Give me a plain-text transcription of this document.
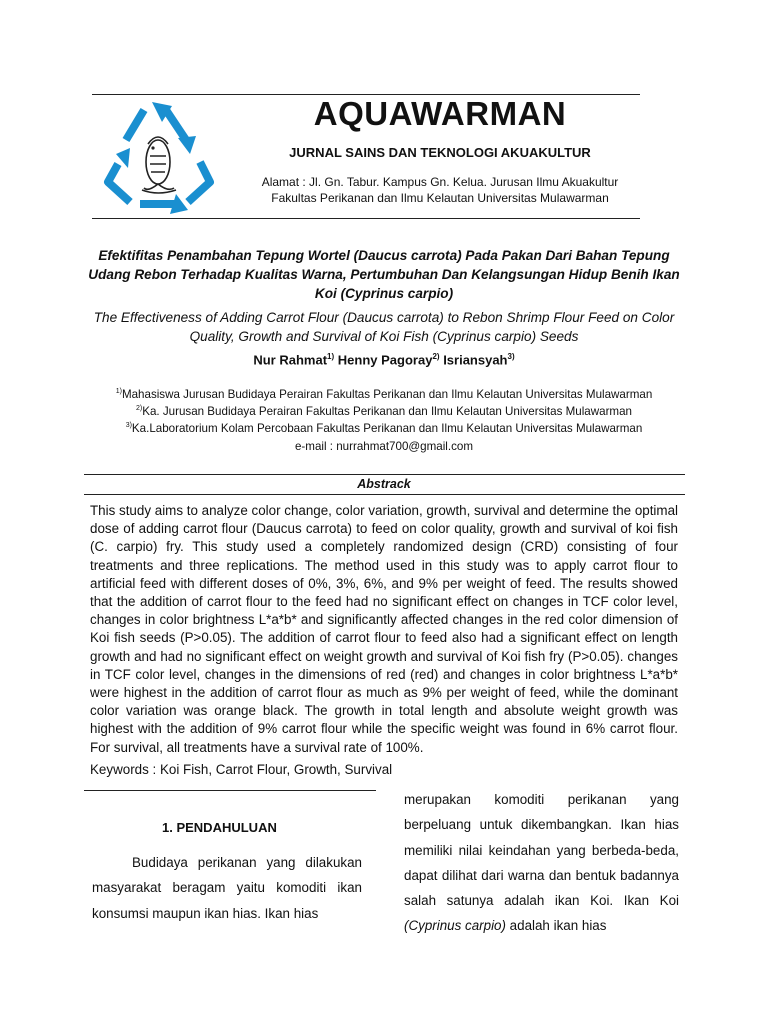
AQUAWARMAN
JURNAL SAINS DAN TEKNOLOGI AKUAKULTUR
Alamat : Jl. Gn. Tabur. Kampus Gn. Kelua. Jurusan Ilmu Akuakultur
Fakultas Perikanan dan Ilmu Kelautan Universitas Mulawarman
Efektifitas Penambahan Tepung Wortel (Daucus carrota) Pada Pakan Dari Bahan Tepung Udang Rebon Terhadap Kualitas Warna, Pertumbuhan Dan Kelangsungan Hidup Benih Ikan Koi (Cyprinus carpio)
The Effectiveness of Adding Carrot Flour (Daucus carrota) to Rebon Shrimp Flour Feed on Color Quality, Growth and Survival of Koi Fish (Cyprinus carpio) Seeds
Nur Rahmat$^{1)}$ Henny Pagoray$^{2)}$ Isriansyah$^{3)}$
$^{1)}$Mahasiswa Jurusan Budidaya Perairan Fakultas Perikanan dan Ilmu Kelautan Universitas Mulawarman
$^{2)}$Ka. Jurusan Budidaya Perairan Fakultas Perikanan dan Ilmu Kelautan Universitas Mulawarman
$^{3)}$Ka.Laboratorium Kolam Percobaan Fakultas Perikanan dan Ilmu Kelautan Universitas Mulawarman
e-mail : nurrahmat700@gmail.com
Abstrack
This study aims to analyze color change, color variation, growth, survival and determine the optimal dose of adding carrot flour (Daucus carrota) to feed on color quality, growth and survival of koi fish (C. carpio) fry. This study used a completely randomized design (CRD) consisting of four treatments and three replications. The method used in this study was to apply carrot flour to artificial feed with different doses of 0%, 3%, 6%, and 9% per weight of feed. The results showed that the addition of carrot flour to the feed had no significant effect on changes in TCF color level, changes in color brightness L*a*b* and significantly affected changes in the red color dimension of Koi fish seeds (P>0.05). The addition of carrot flour to feed also had a significant effect on length growth and had no significant effect on weight growth and survival of Koi fish fry (P>0.05). changes in TCF color level, changes in the dimensions of red (red) and changes in color brightness L*a*b* were highest in the addition of carrot flour as much as 9% per weight of feed, while the dominant color variation was orange black. The growth in total length and absolute weight growth was highest with the addition of 9% carrot flour while the specific weight was found in 6% carrot flour. For survival, all treatments have a survival rate of 100%.
Keywords : Koi Fish, Carrot Flour, Growth, Survival
1. PENDAHULUAN
Budidaya perikanan yang dilakukan masyarakat beragam yaitu komoditi ikan konsumsi maupun ikan hias. Ikan hias
merupakan komoditi perikanan yang berpeluang untuk dikembangkan. Ikan hias memiliki nilai keindahan yang berbeda-beda, dapat dilihat dari warna dan bentuk badannya salah satunya adalah ikan Koi. Ikan Koi (Cyprinus carpio) adalah ikan hias
